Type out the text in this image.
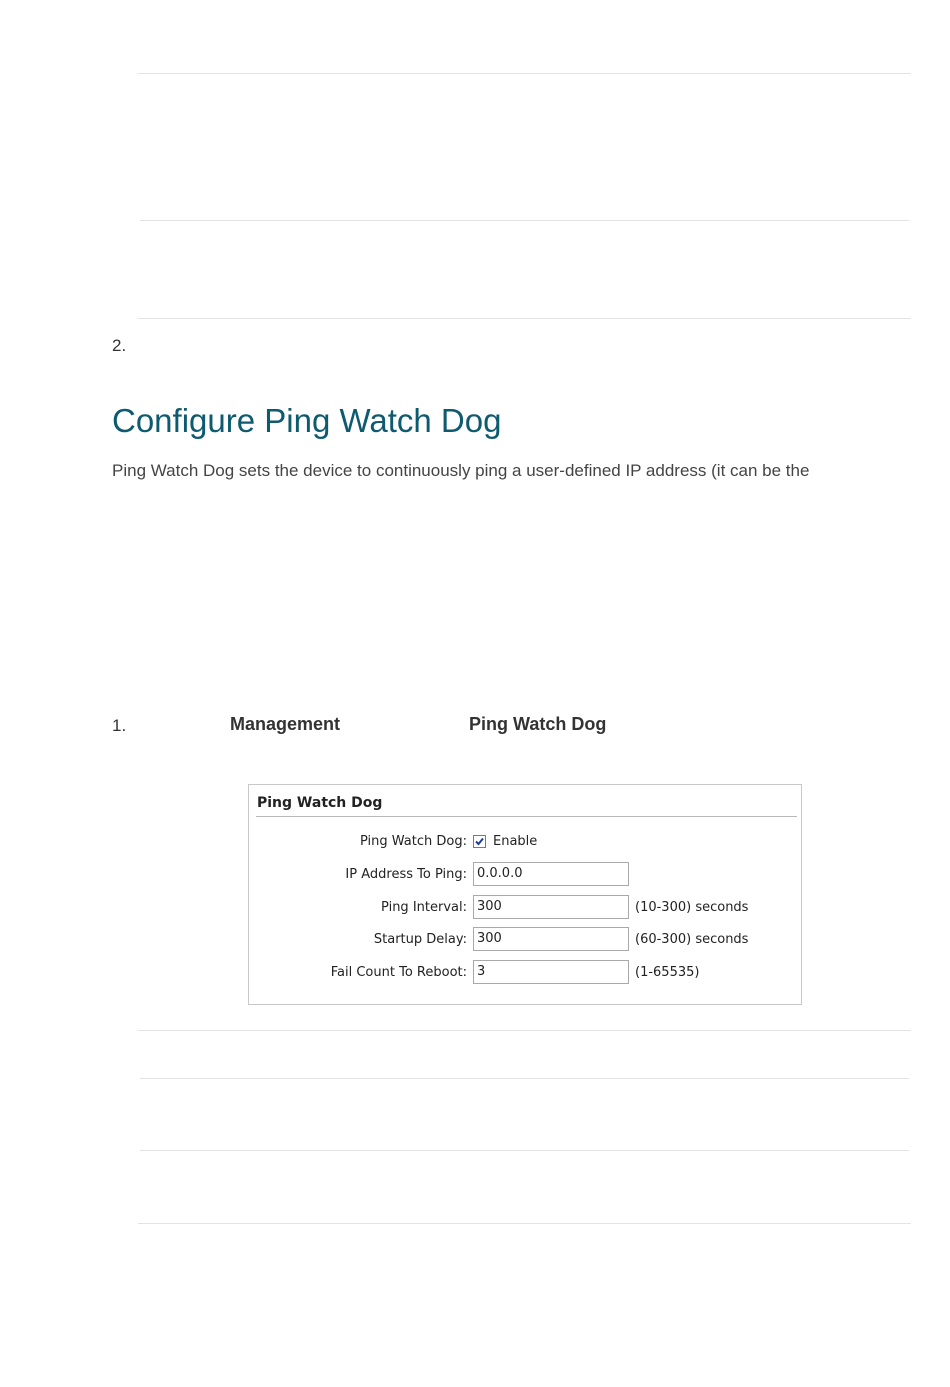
2.
Configure Ping Watch Dog
Ping Watch Dog sets the device to continuously ping a user-defined IP address (it can be the
1.	Management	Ping Watch Dog
Ping Watch Dog
Ping Watch Dog: Enable
IP Address To Ping: 0.0.0.0
Ping Interval: 300	(10-300) seconds
Startup Delay: 300	(60-300) seconds
Fail Count To Reboot: 3	(1-65535)
